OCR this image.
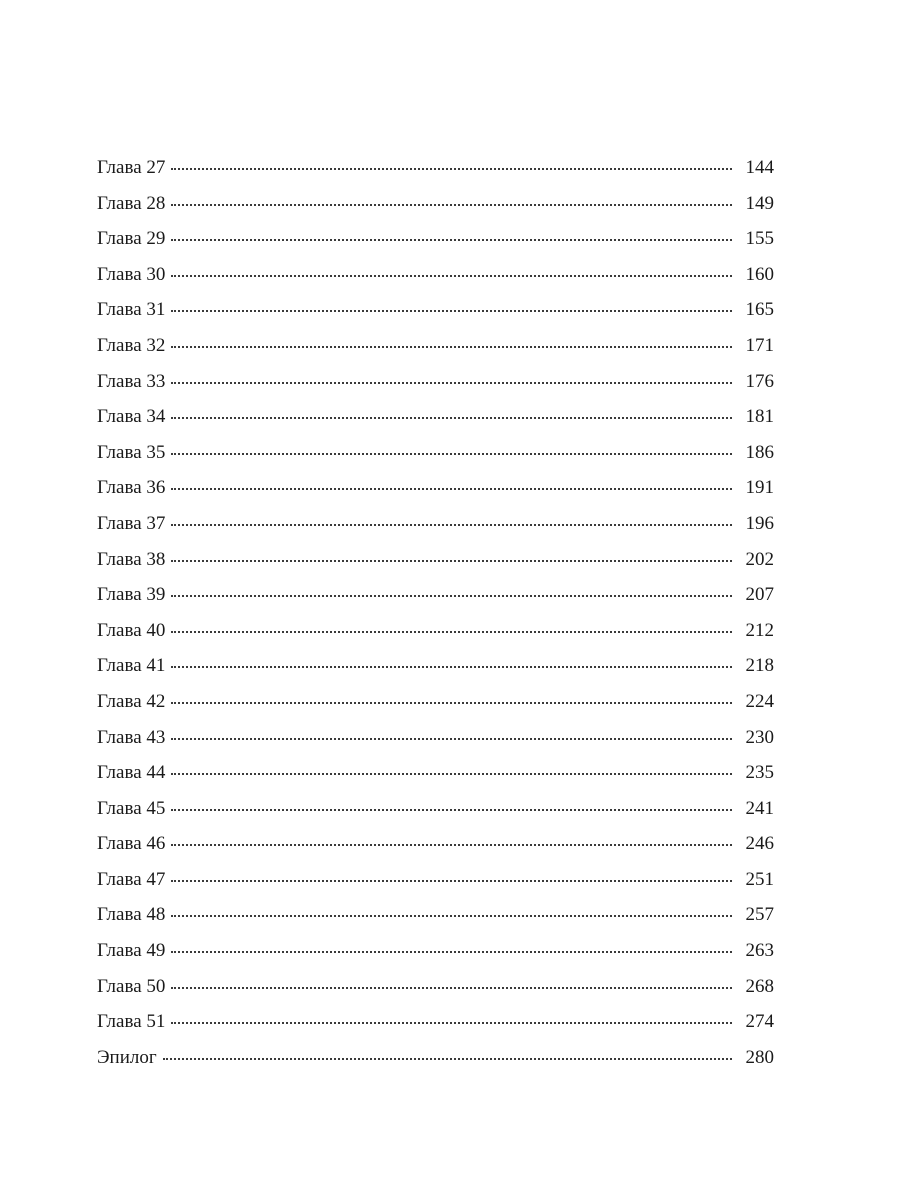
Глава 27	144
Глава 28	149
Глава 29	155
Глава 30	160
Глава 31	165
Глава 32	171
Глава 33	176
Глава 34	181
Глава 35	186
Глава 36	191
Глава 37	196
Глава 38	202
Глава 39	207
Глава 40	212
Глава 41	218
Глава 42	224
Глава 43	230
Глава 44	235
Глава 45	241
Глава 46	246
Глава 47	251
Глава 48	257
Глава 49	263
Глава 50	268
Глава 51	274
Эпилог	280
